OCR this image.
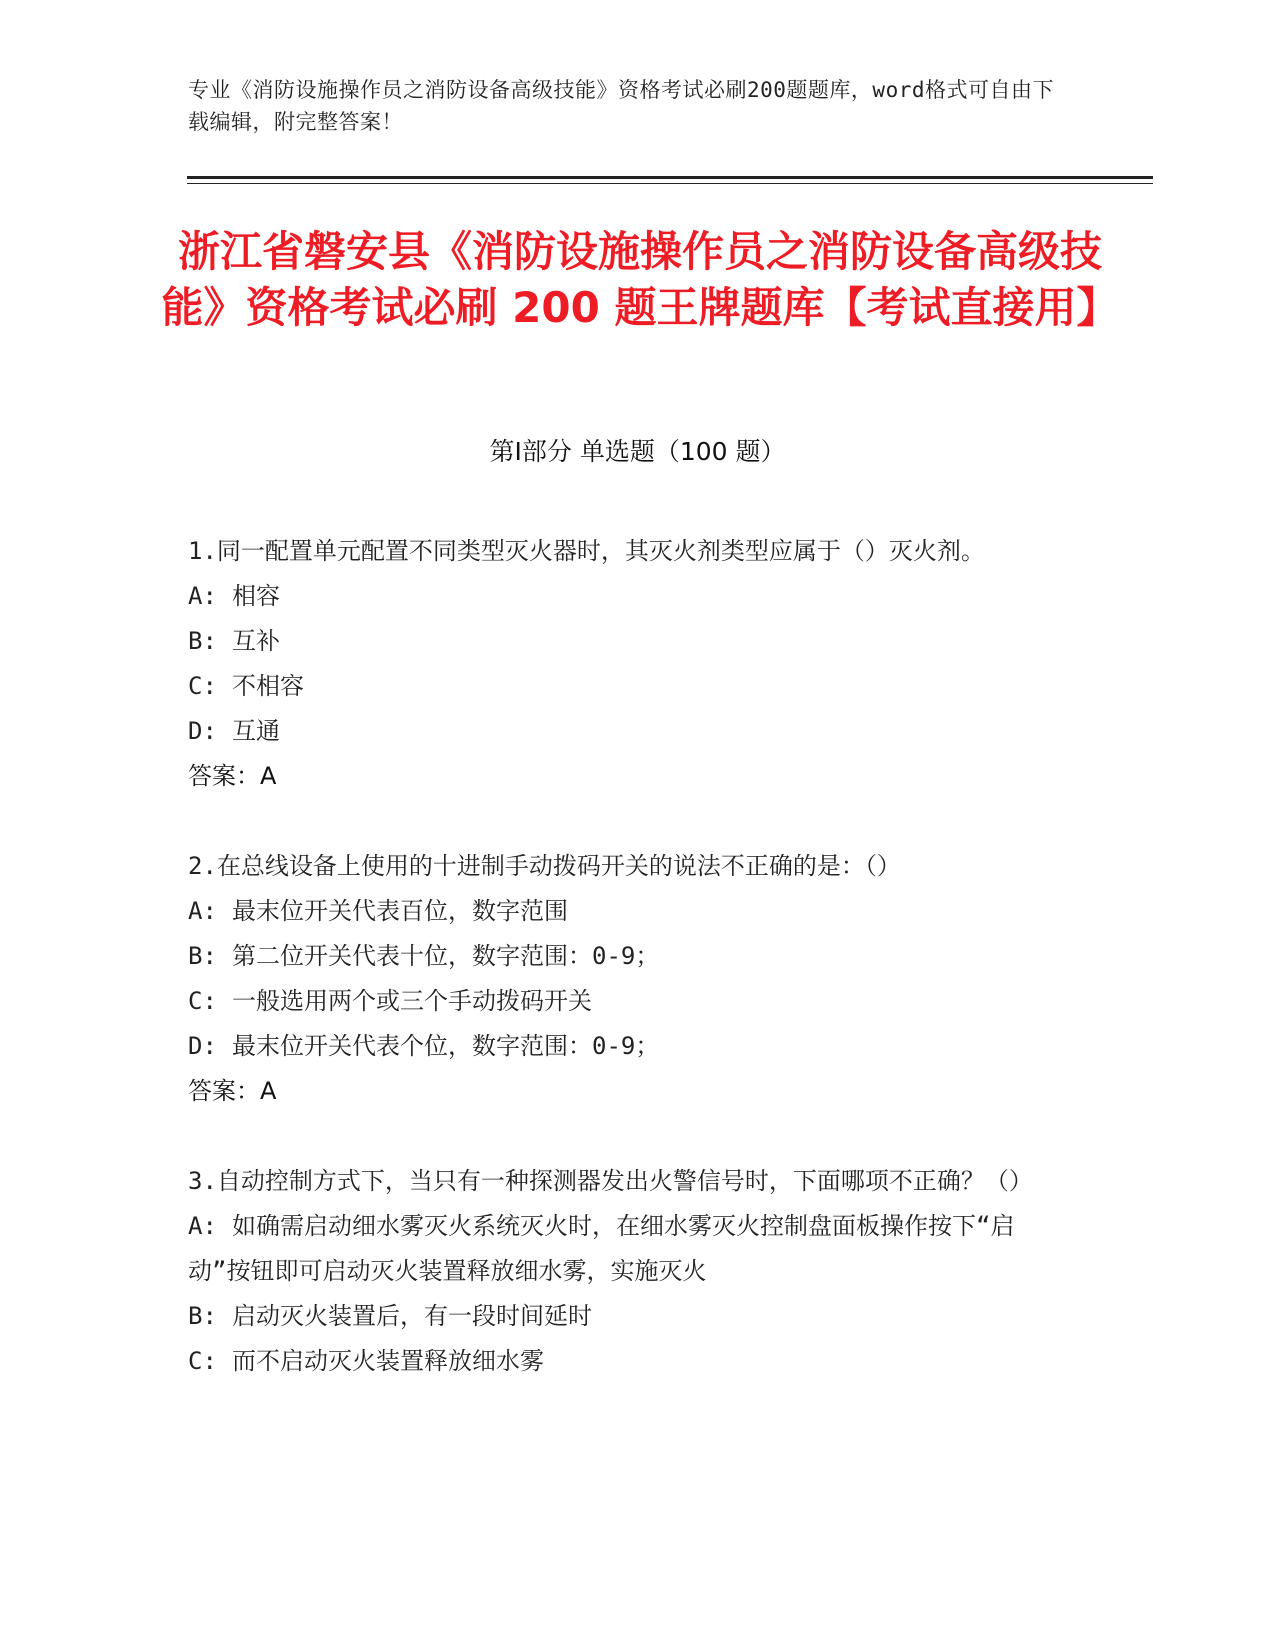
专业《消防设施操作员之消防设备高级技能》资格考试必刷200题题库，word格式可自由下载编辑，附完整答案！
浙江省磐安县《消防设施操作员之消防设备高级技能》资格考试必刷 200 题王牌题库【考试直接用】
第Ⅰ部分 单选题（100 题）

1.同一配置单元配置不同类型灭火器时，其灭火剂类型应属于（）灭火剂。

A: 相容

B: 互补

C: 不相容

D: 互通

答案：A

2.在总线设备上使用的十进制手动拨码开关的说法不正确的是：（）

A: 最末位开关代表百位，数字范围

B: 第二位开关代表十位，数字范围：0-9；

C: 一般选用两个或三个手动拨码开关

D: 最末位开关代表个位，数字范围：0-9；

答案：A

3.自动控制方式下，当只有一种探测器发出火警信号时，下面哪项不正确？（）

A: 如确需启动细水雾灭火系统灭火时，在细水雾灭火控制盘面板操作按下“启动”按钮即可启动灭火装置释放细水雾，实施灭火

B: 启动灭火装置后，有一段时间延时

C: 而不启动灭火装置释放细水雾
